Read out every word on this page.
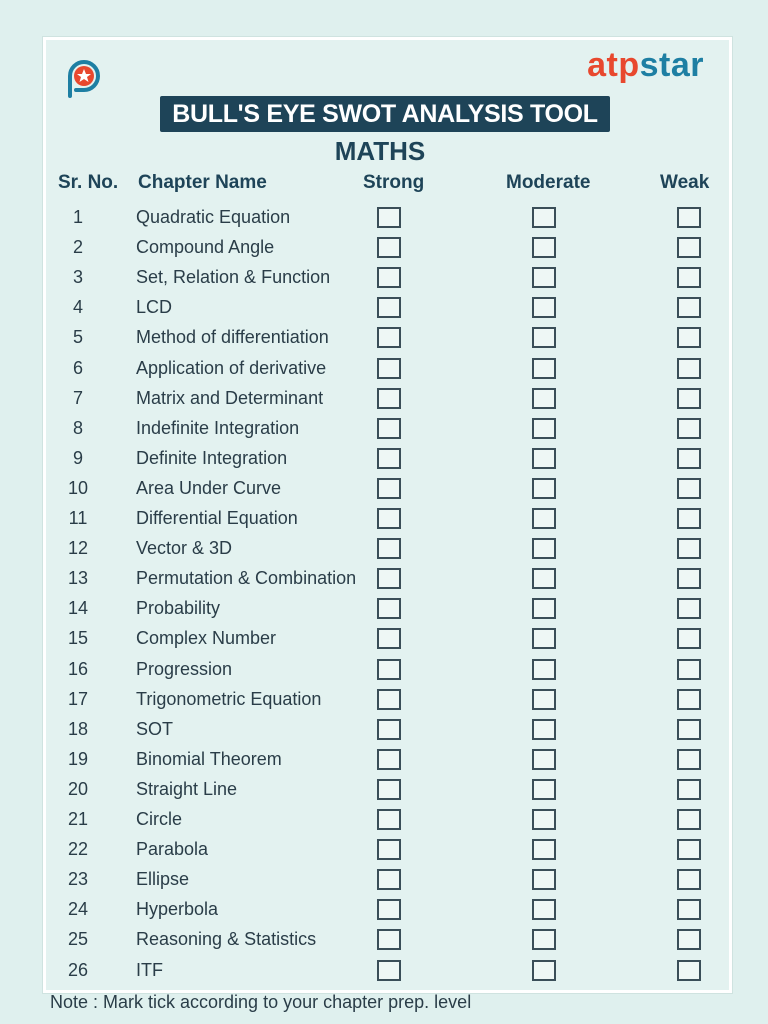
atpstar
BULL'S EYE SWOT ANALYSIS TOOL
MATHS
Sr. No. Chapter Name	Strong	Moderate	Weak
1	Quadratic Equation
2	Compound Angle
3	Set, Relation & Function
4	LCD
5	Method of differentiation
6	Application of derivative
7	Matrix and Determinant
8	Indefinite Integration
9	Definite Integration
10	Area Under Curve
11	Differential Equation
12	Vector & 3D
13	Permutation & Combination
14	Probability
15	Complex Number
16	Progression
17	Trigonometric Equation
18	SOT
19	Binomial Theorem
20	Straight Line
21	Circle
22	Parabola
23	Ellipse
24	Hyperbola
25	Reasoning & Statistics
26	ITF
Note : Mark tick according to your chapter prep. level
